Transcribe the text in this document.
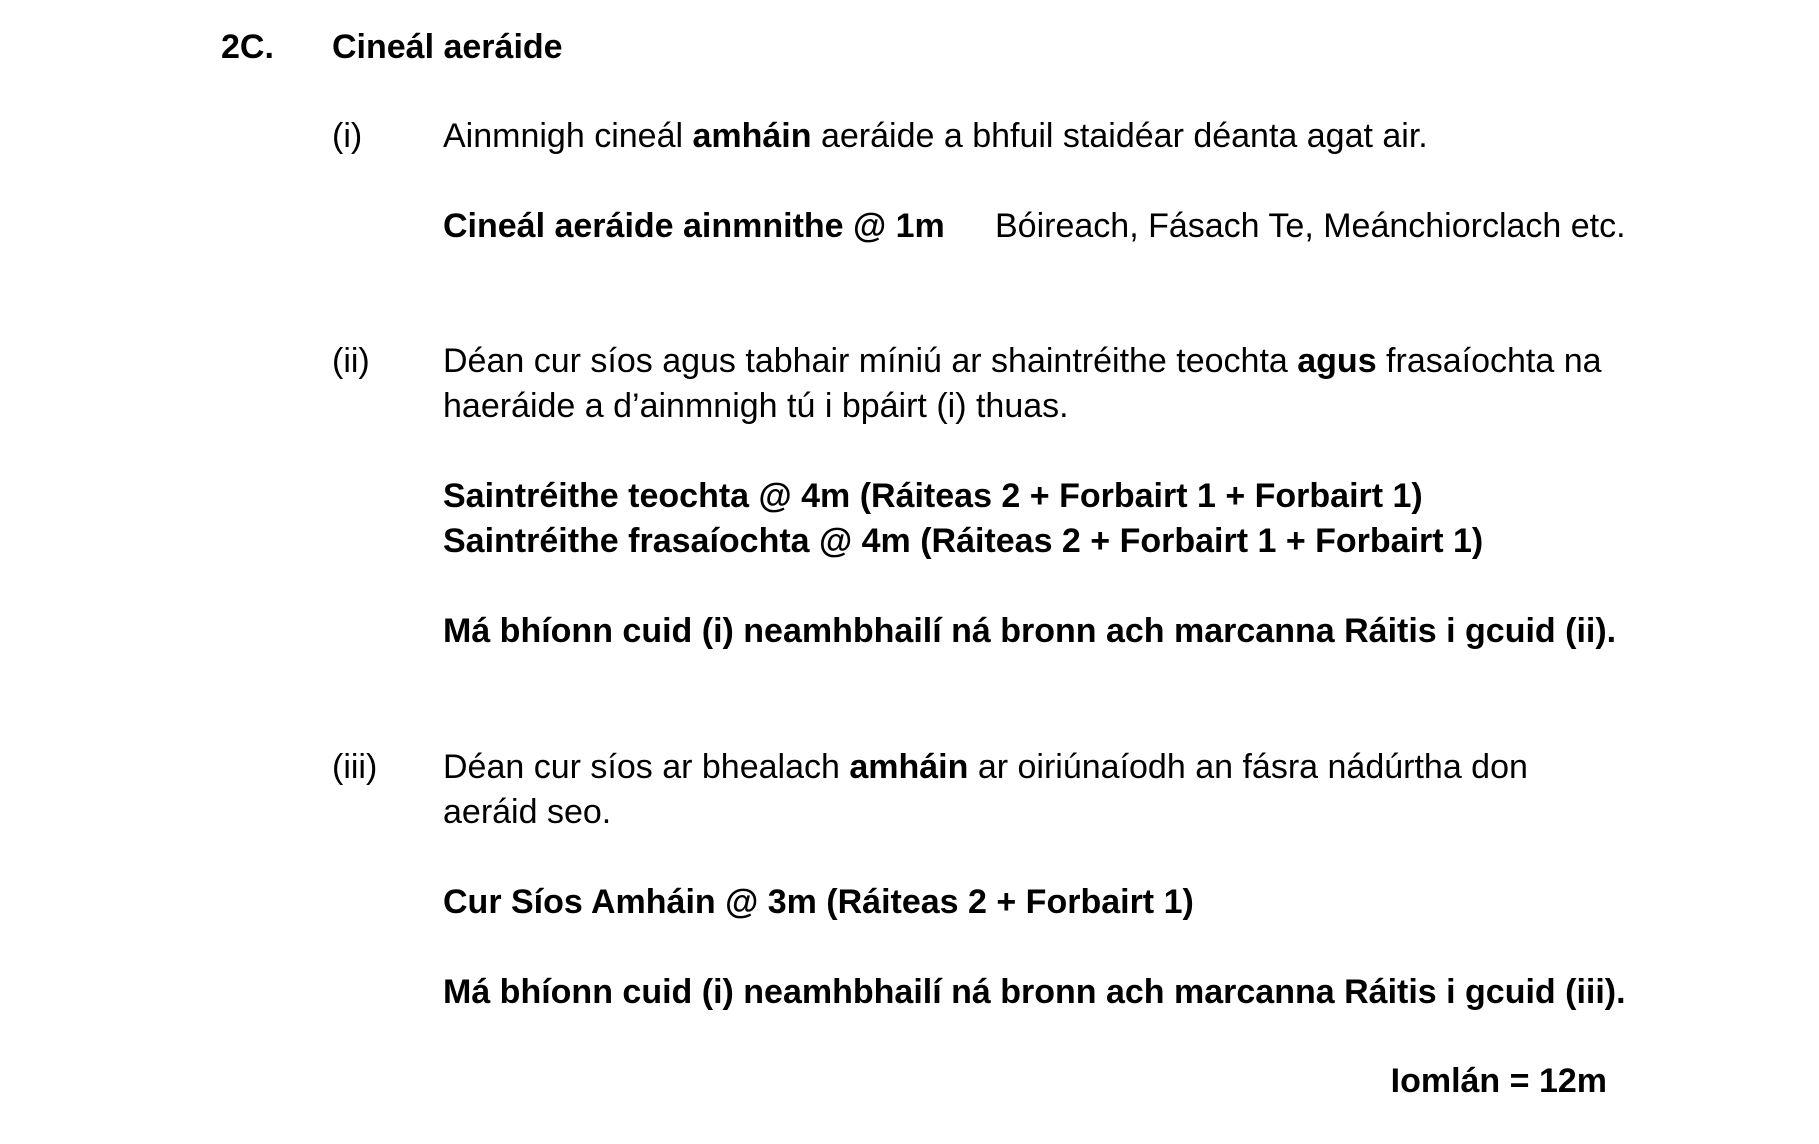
2C. Cineál aeráide
(i) Ainmnigh cineál amháin aeráide a bhfuil staidéar déanta agat air.
Cineál aeráide ainmnithe @ 1m Bóireach, Fásach Te, Meánchiorclach etc.
(ii) Déan cur síos agus tabhair míniú ar shaintréithe teochta agus frasaíochta na
haeráide a d’ainmnigh tú i bpáirt (i) thuas.
Saintréithe teochta @ 4m (Ráiteas 2 + Forbairt 1 + Forbairt 1)
Saintréithe frasaíochta @ 4m (Ráiteas 2 + Forbairt 1 + Forbairt 1)
Má bhíonn cuid (i) neamhbhailí ná bronn ach marcanna Ráitis i gcuid (ii).
(iii) Déan cur síos ar bhealach amháin ar oiriúnaíodh an fásra nádúrtha don
aeráid seo.
Cur Síos Amháin @ 3m (Ráiteas 2 + Forbairt 1)
Má bhíonn cuid (i) neamhbhailí ná bronn ach marcanna Ráitis i gcuid (iii).
Iomlán = 12m
